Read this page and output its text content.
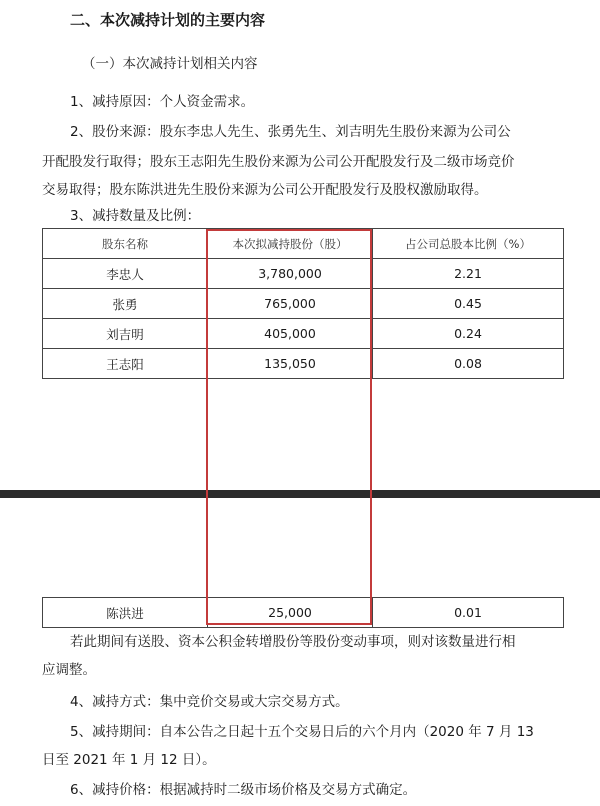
二、本次减持计划的主要内容
（一）本次减持计划相关内容
1、减持原因：个人资金需求。
2、股份来源：股东李忠人先生、张勇先生、刘吉明先生股份来源为公司公
开配股发行取得；股东王志阳先生股份来源为公司公开配股发行及二级市场竞价
交易取得；股东陈洪进先生股份来源为公司公开配股发行及股权激励取得。
3、减持数量及比例：
股东名称	本次拟减持股份（股）	占公司总股本比例（%）
李忠人	3,780,000	2.21
张勇	765,000	0.45
刘吉明	405,000	0.24
王志阳	135,050	0.08
陈洪进	25,000	0.01
若此期间有送股、资本公积金转增股份等股份变动事项，则对该数量进行相
应调整。
4、减持方式：集中竞价交易或大宗交易方式。
5、减持期间：自本公告之日起十五个交易日后的六个月内（2020 年 7 月 13
日至 2021 年 1 月 12 日）。
6、减持价格：根据减持时二级市场价格及交易方式确定。
